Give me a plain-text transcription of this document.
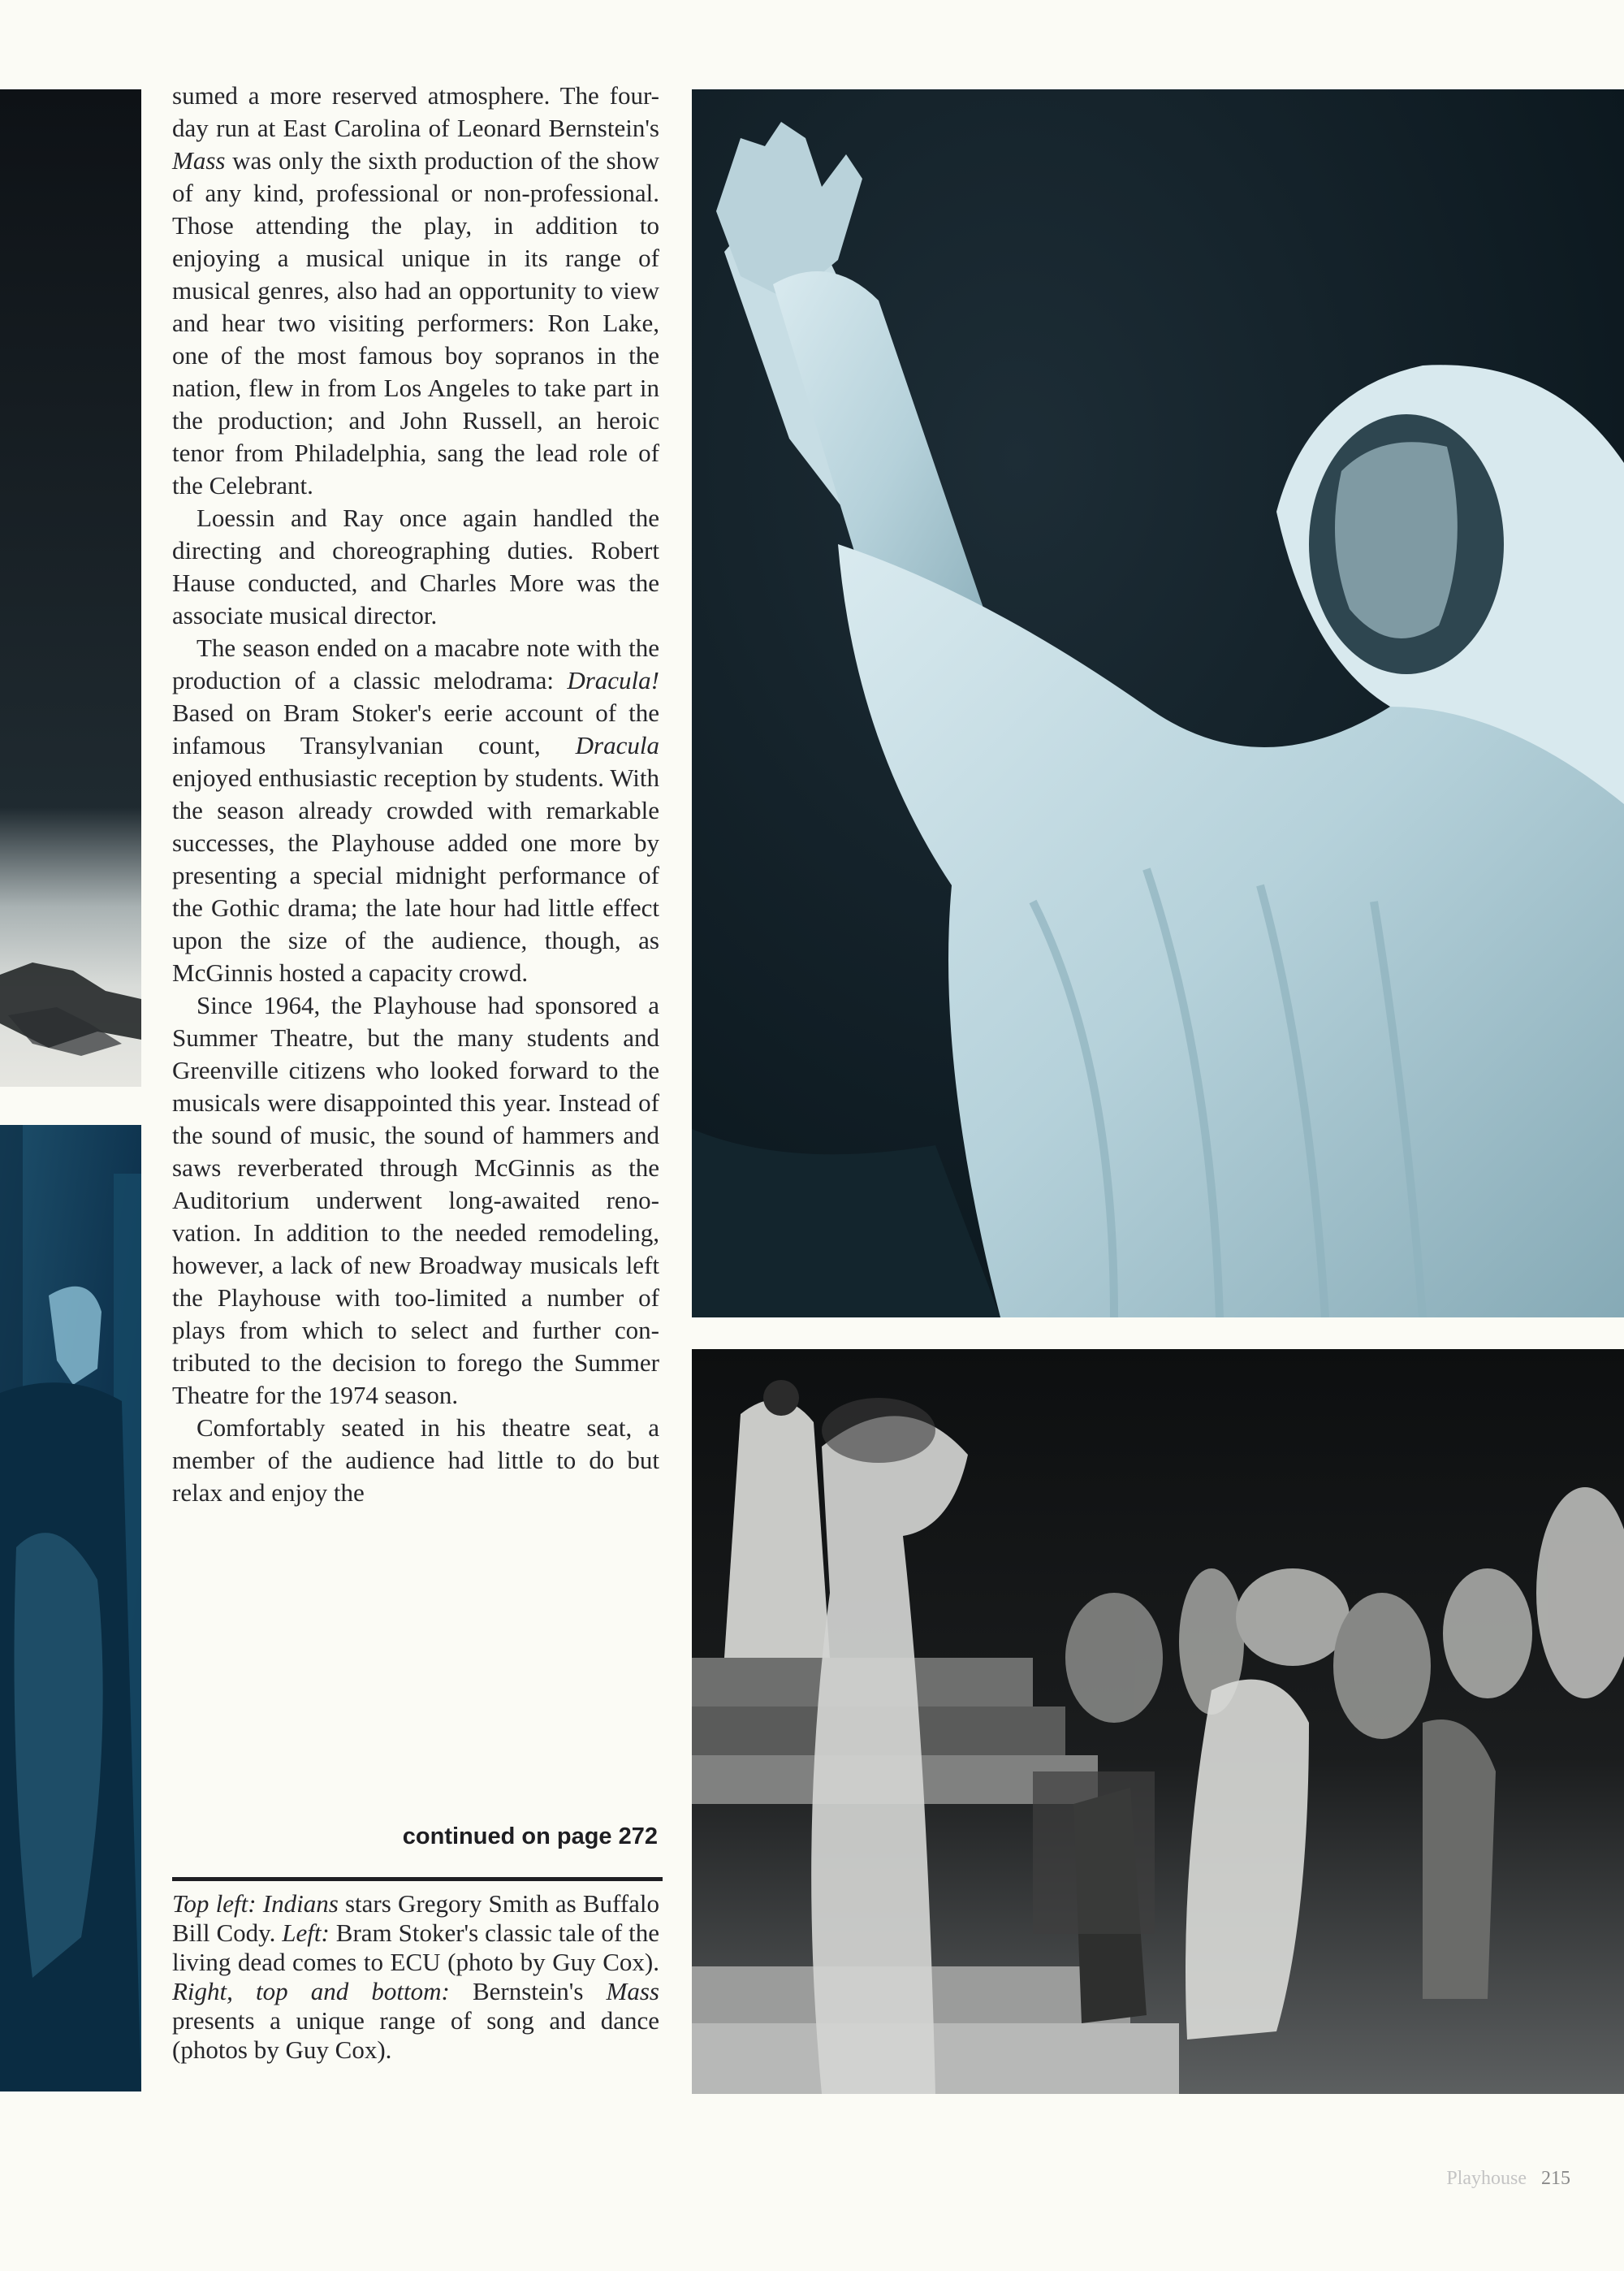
sumed a more reserved atmosphere. The four-day run at East Carolina of Leonard Bernstein's Mass was only the sixth production of the show of any kind, professional or non-professional. Those attending the play, in addition to enjoying a musical unique in its range of musical genres, also had an opportunity to view and hear two visiting performers: Ron Lake, one of the most famous boy sopranos in the nation, flew in from Los Angeles to take part in the production; and John Russell, an heroic tenor from Philadelphia, sang the lead role of the Celebrant.

Loessin and Ray once again handled the directing and choreographing duties. Robert Hause conducted, and Charles More was the associate musical director.

The season ended on a macabre note with the production of a classic melodrama: Dracula! Based on Bram Stoker's eerie account of the infamous Transylvanian count, Dracula enjoyed enthusiastic reception by students. With the season already crowded with remarkable successes, the Playhouse added one more by presenting a special midnight performance of the Gothic drama; the late hour had little effect upon the size of the audience, though, as McGinnis hosted a capacity crowd.

Since 1964, the Playhouse had sponsored a Summer Theatre, but the many students and Greenville citizens who looked forward to the musicals were disappointed this year. Instead of the sound of music, the sound of hammers and saws reverberated through McGinnis as the Auditorium underwent long-awaited renovation. In addition to the needed remodeling, however, a lack of new Broadway musicals left the Playhouse with too-limited a number of plays from which to select and further contributed to the decision to forego the Summer Theatre for the 1974 season.

Comfortably seated in his theatre seat, a member of the audience had little to do but relax and enjoy the

continued on page 272
Top left: Indians stars Gregory Smith as Buffalo Bill Cody. Left: Bram Stoker's classic tale of the living dead comes to ECU (photo by Guy Cox). Right, top and bottom: Bernstein's Mass presents a unique range of song and dance (photos by Guy Cox).
Playhouse 215
